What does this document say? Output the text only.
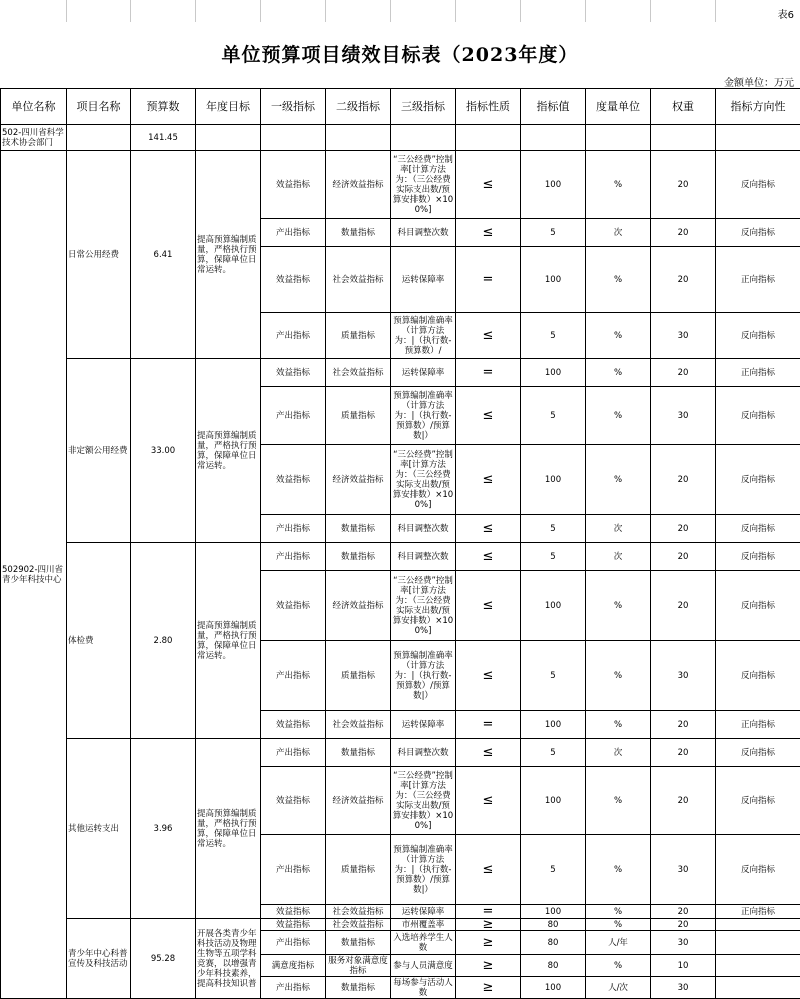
表6
单位预算项目绩效目标表（2023年度）
金额单位：万元
单位名称	项目名称	预算数	年度目标	一级指标	二级指标	三级指标	指标性质	指标值	度量单位	权重	指标方向性
502-四川省科学技术协会部门		141.45									
502902-四川省青少年科技中心	日常公用经费	6.41	提高预算编制质量，严格执行预算，保障单位日常运转。	效益指标	经济效益指标	“三公经费”控制率[计算方法为：（三公经费实际支出数/预算安排数）×100%]	≤	100	%	20	反向指标
				产出指标	数量指标	科目调整次数	≤	5	次	20	反向指标
				效益指标	社会效益指标	运转保障率	=	100	%	20	正向指标
				产出指标	质量指标	预算编制准确率（计算方法为：|（执行数-预算数）/	≤	5	%	30	反向指标
	非定额公用经费	33.00	提高预算编制质量，严格执行预算，保障单位日常运转。	效益指标	社会效益指标	运转保障率	=	100	%	20	正向指标
				产出指标	质量指标	预算编制准确率（计算方法为：|（执行数-预算数）/预算数|）	≤	5	%	30	反向指标
				效益指标	经济效益指标	“三公经费”控制率[计算方法为：（三公经费实际支出数/预算安排数）×100%]	≤	100	%	20	反向指标
				产出指标	数量指标	科目调整次数	≤	5	次	20	反向指标
	体检费	2.80	提高预算编制质量，严格执行预算，保障单位日常运转。	产出指标	数量指标	科目调整次数	≤	5	次	20	反向指标
				效益指标	经济效益指标	“三公经费”控制率[计算方法为：（三公经费实际支出数/预算安排数）×100%]	≤	100	%	20	反向指标
				产出指标	质量指标	预算编制准确率（计算方法为：|（执行数-预算数）/预算数|）	≤	5	%	30	反向指标
				效益指标	社会效益指标	运转保障率	=	100	%	20	正向指标
	其他运转支出	3.96	提高预算编制质量，严格执行预算，保障单位日常运转。	产出指标	数量指标	科目调整次数	≤	5	次	20	反向指标
				效益指标	经济效益指标	“三公经费”控制率[计算方法为：（三公经费实际支出数/预算安排数）×100%]	≤	100	%	20	反向指标
				产出指标	质量指标	预算编制准确率（计算方法为：|（执行数-预算数）/预算数|）	≤	5	%	30	反向指标
				效益指标	社会效益指标	运转保障率	=	100	%	20	正向指标
	青少年中心科普宣传及科技活动	95.28	开展各类青少年科技活动及物理生物等五项学科竞赛，以增强青少年科技素养，提高科技知识普	效益指标	社会效益指标	市州覆盖率	≥	80	%	20	
				产出指标	数量指标	入选培养学生人数	≥	80	人/年	30	
				满意度指标	服务对象满意度指标	参与人员满意度	≥	80	%	10	
				产出指标	数量指标	每场参与活动人数	≥	100	人/次	30	
